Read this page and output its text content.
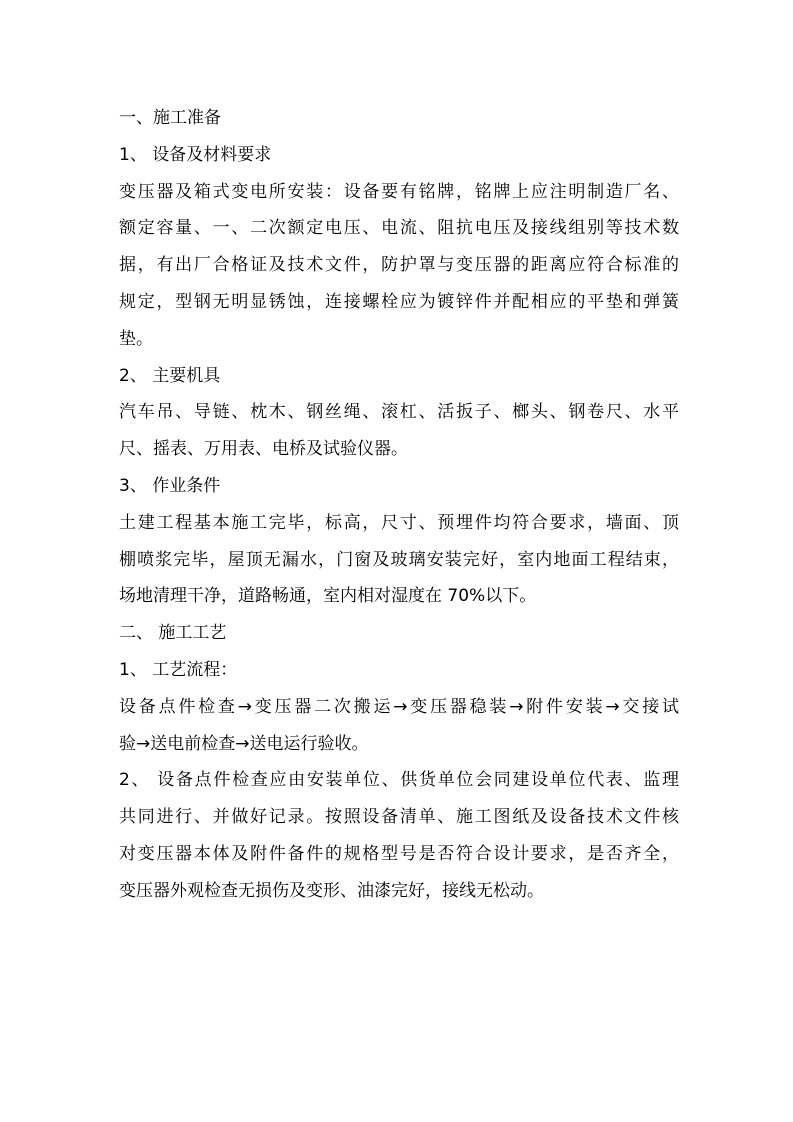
一、施工准备
1、 设备及材料要求
变压器及箱式变电所安装：设备要有铭牌，铭牌上应注明制造厂名、
额定容量、一、二次额定电压、电流、阻抗电压及接线组别等技术数
据，有出厂合格证及技术文件，防护罩与变压器的距离应符合标准的
规定，型钢无明显锈蚀，连接螺栓应为镀锌件并配相应的平垫和弹簧
垫。
2、 主要机具
汽车吊、导链、枕木、钢丝绳、滚杠、活扳子、榔头、钢卷尺、水平
尺、摇表、万用表、电桥及试验仪器。
3、 作业条件
土建工程基本施工完毕，标高，尺寸、预埋件均符合要求，墙面、顶
棚喷浆完毕，屋顶无漏水，门窗及玻璃安装完好，室内地面工程结束，
场地清理干净，道路畅通，室内相对湿度在 70%以下。
二、 施工工艺
1、 工艺流程：
设备点件检查→变压器二次搬运→变压器稳装→附件安装→交接试
验→送电前检查→送电运行验收。
2、 设备点件检查应由安装单位、供货单位会同建设单位代表、监理
共同进行、并做好记录。按照设备清单、施工图纸及设备技术文件核
对变压器本体及附件备件的规格型号是否符合设计要求，是否齐全，
变压器外观检查无损伤及变形、油漆完好，接线无松动。
